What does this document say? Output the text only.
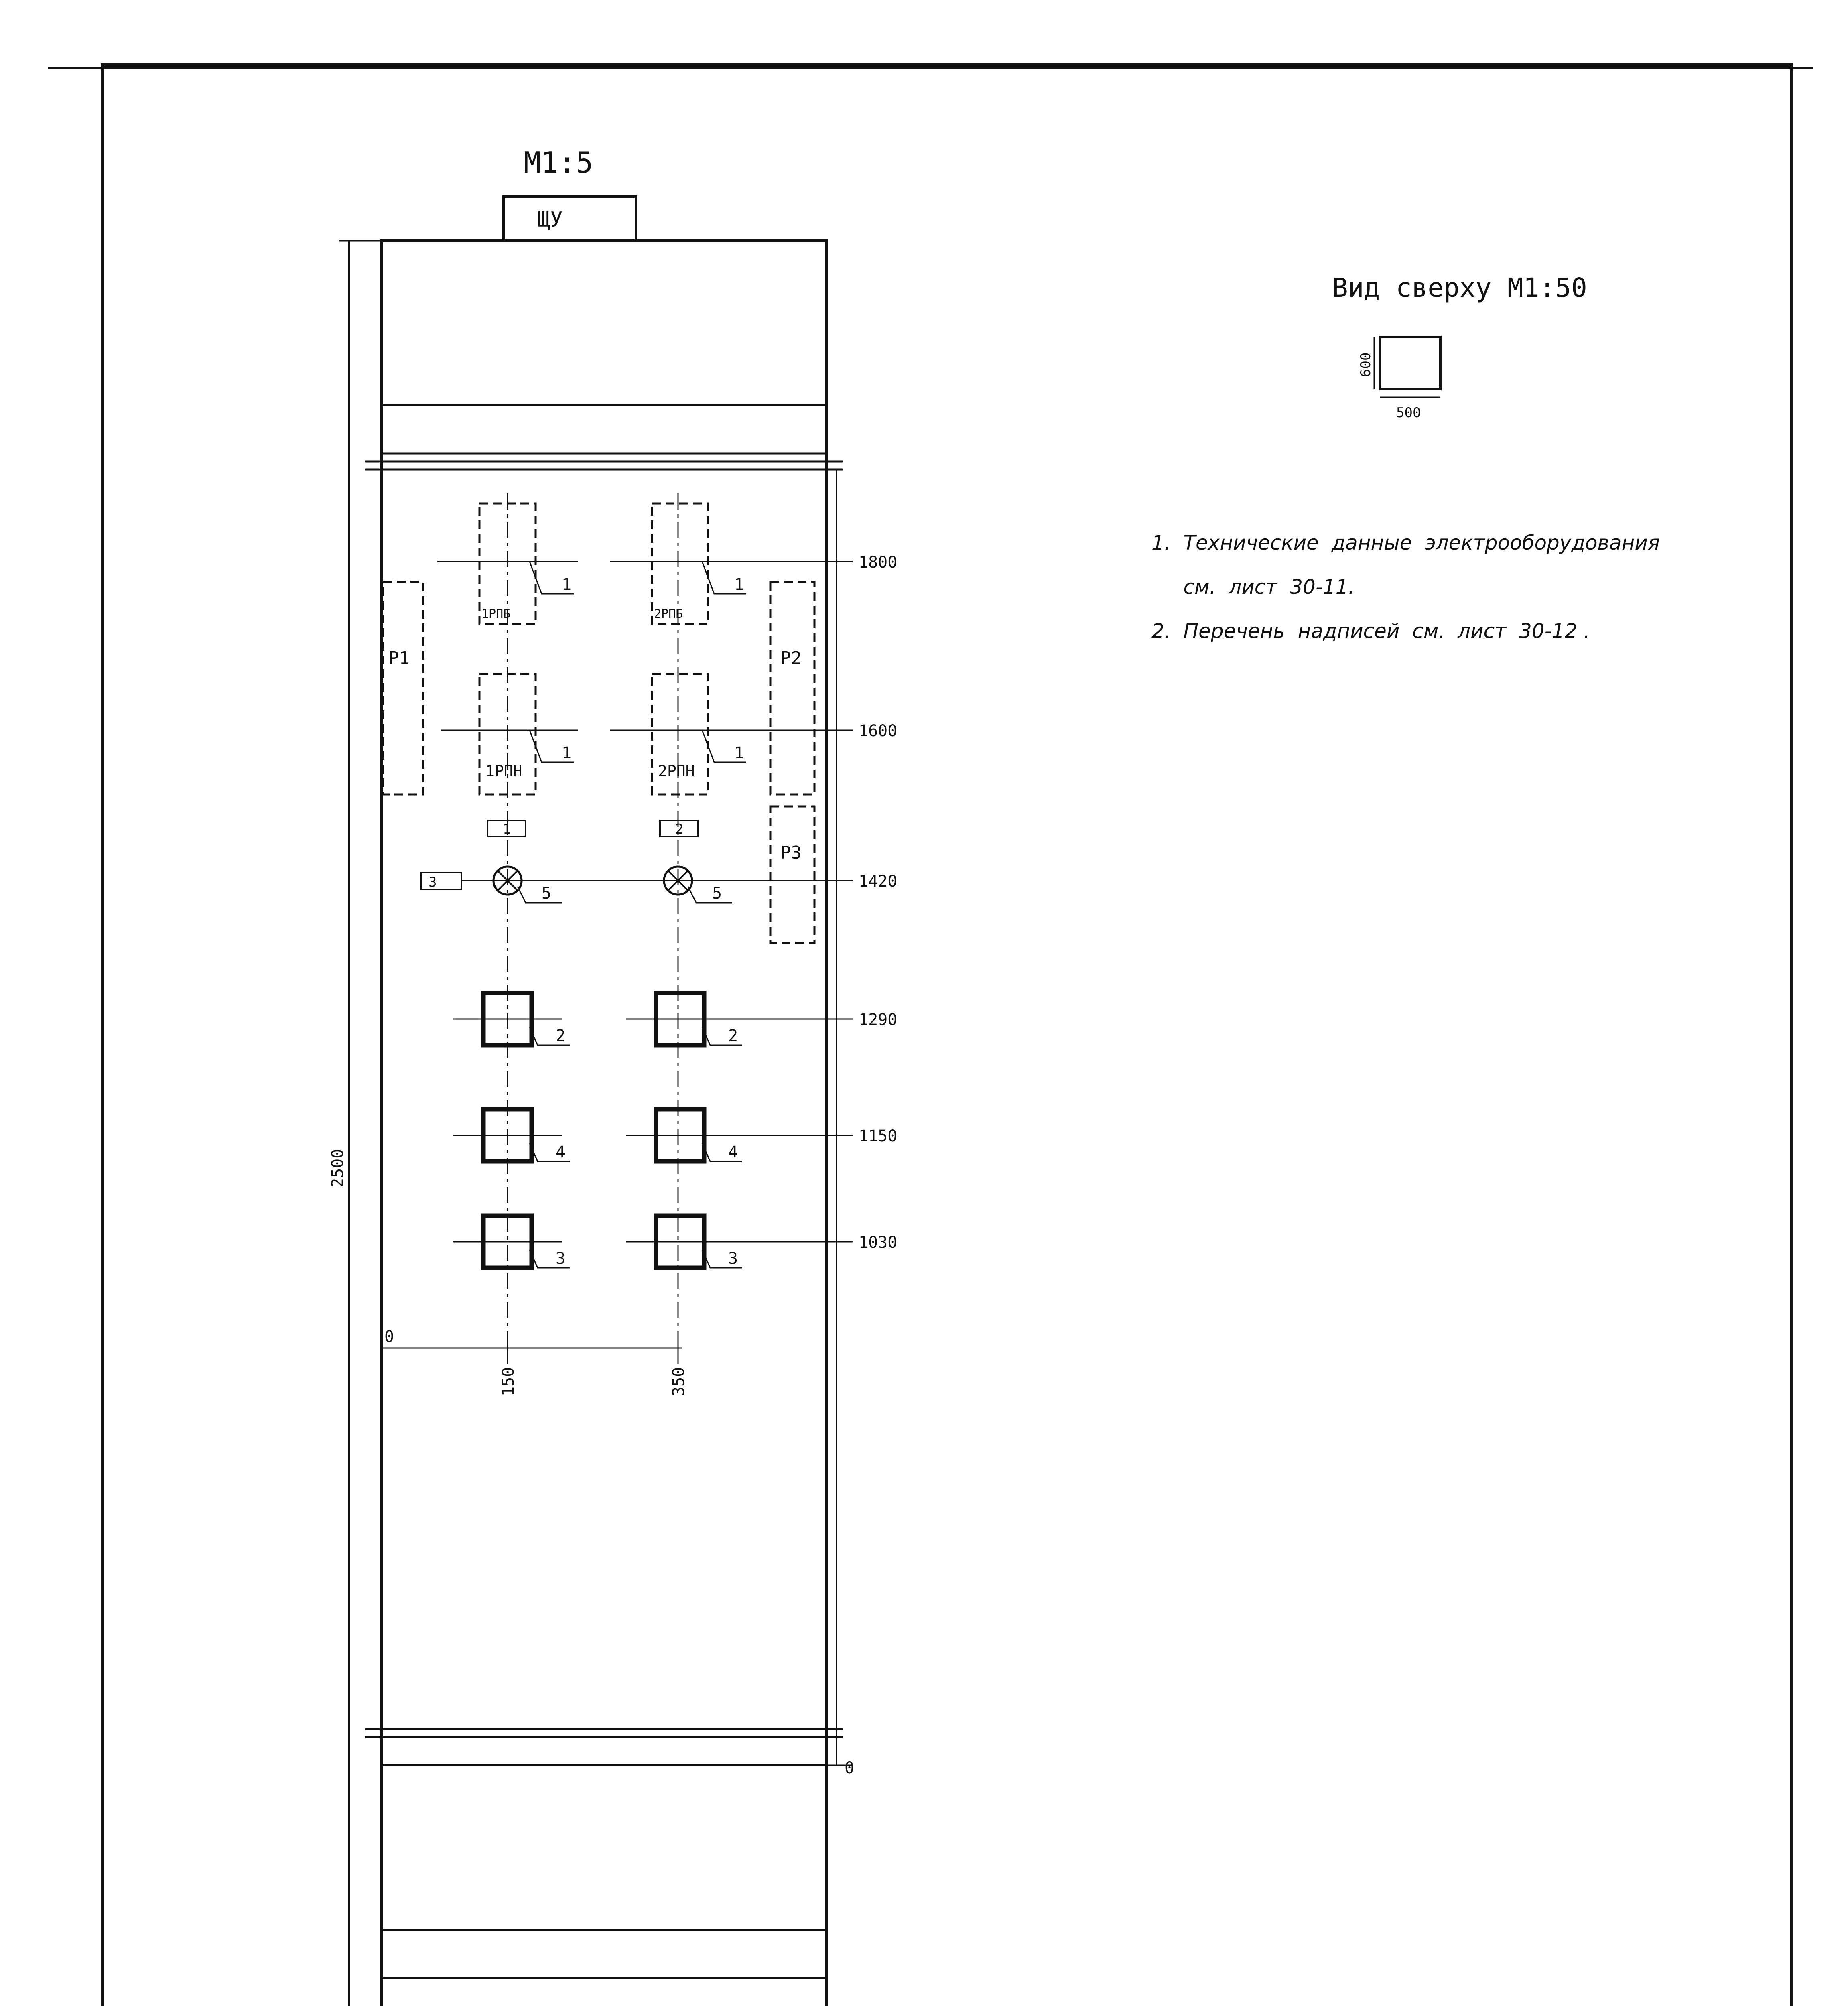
М1:5
ЩУ
Вид сверху М1:50
600
500
2500
1800
1600
1420
1290
1150
1030
0
0
150	350
1РПБ	2РПБ
1РПН	2РПН
Р1	Р2
Р3
1	2
3
1	1
1	1
5	5
2	2
4	4
3	3
1.  Технические  данные  электрооборудования
см.  лист  30-11.
2.  Перечень  надписей  см.  лист  30-12 .
